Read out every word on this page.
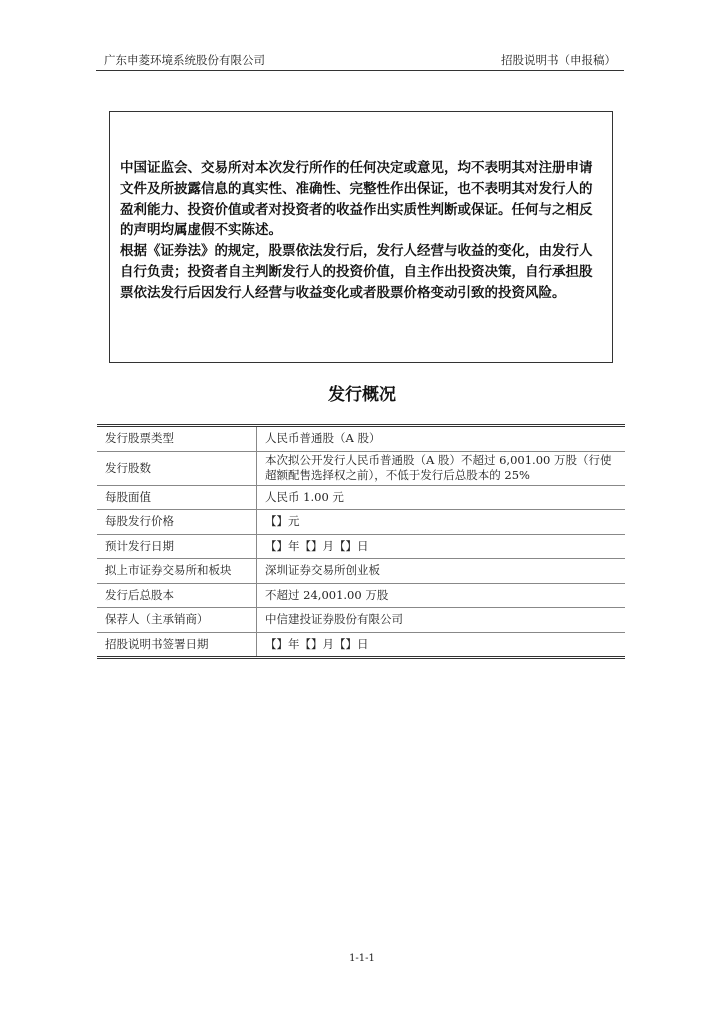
广东申菱环境系统股份有限公司	招股说明书（申报稿）

中国证监会、交易所对本次发行所作的任何决定或意见，均不表明其对注册申请文件及所披露信息的真实性、准确性、完整性作出保证，也不表明其对发行人的盈利能力、投资价值或者对投资者的收益作出实质性判断或保证。任何与之相反的声明均属虚假不实陈述。

根据《证券法》的规定，股票依法发行后，发行人经营与收益的变化，由发行人自行负责；投资者自主判断发行人的投资价值，自主作出投资决策，自行承担股票依法发行后因发行人经营与收益变化或者股票价格变动引致的投资风险。

发行概况
发行股票类型	人民币普通股（A 股）
发行股数	本次拟公开发行人民币普通股（A 股）不超过 6,001.00 万股（行使超额配售选择权之前），不低于发行后总股本的 25%
每股面值	人民币 1.00 元
每股发行价格	【】元
预计发行日期	【】年【】月【】日
拟上市证券交易所和板块	深圳证券交易所创业板
发行后总股本	不超过 24,001.00 万股
保荐人（主承销商）	中信建投证券股份有限公司
招股说明书签署日期	【】年【】月【】日
1-1-1
